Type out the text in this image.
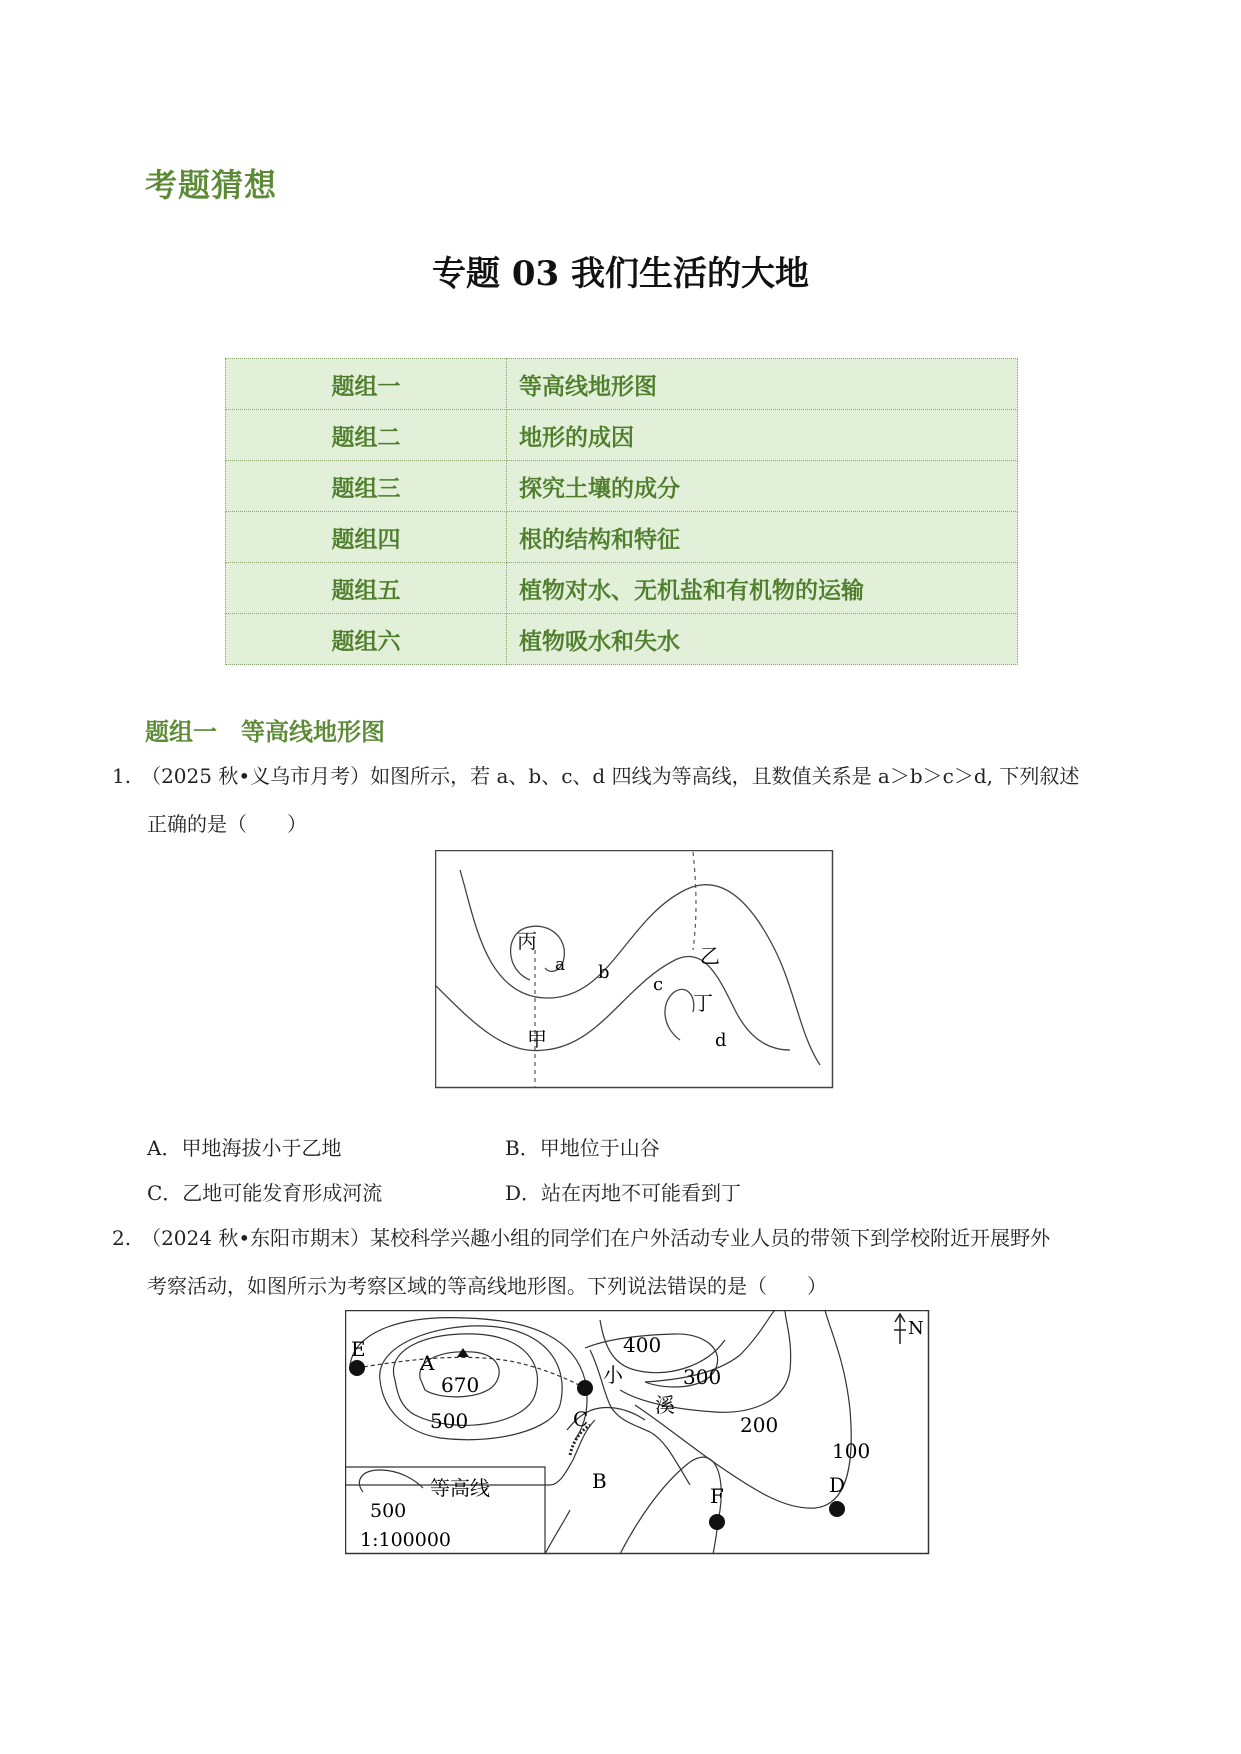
考题猜想
专题 03 我们生活的大地
题组一	等高线地形图
题组二	地形的成因
题组三	探究土壤的成分
题组四	根的结构和特征
题组五	植物对水、无机盐和有机物的运输
题组六	植物吸水和失水
题组一　等高线地形图
1.　（2025 秋•义乌市月考）如图所示，若 a、b、c、d 四线为等高线，且数值关系是 a＞b＞c＞d, 下列叙述
正确的是（　　）
丙
a b
c
乙
丁
d
甲
A．甲地海拔小于乙地	B．甲地位于山谷
C．乙地可能发育形成河流	D．站在丙地不可能看到丁
2.　（2024 秋•东阳市期末）某校科学兴趣小组的同学们在户外活动专业人员的带领下到学校附近开展野外
考察活动，如图所示为考察区域的等高线地形图。下列说法错误的是（　　）
E
A
670
500	C
小
溪
400
300
200
100
B
F	D
N
500
等高线
1:100000
